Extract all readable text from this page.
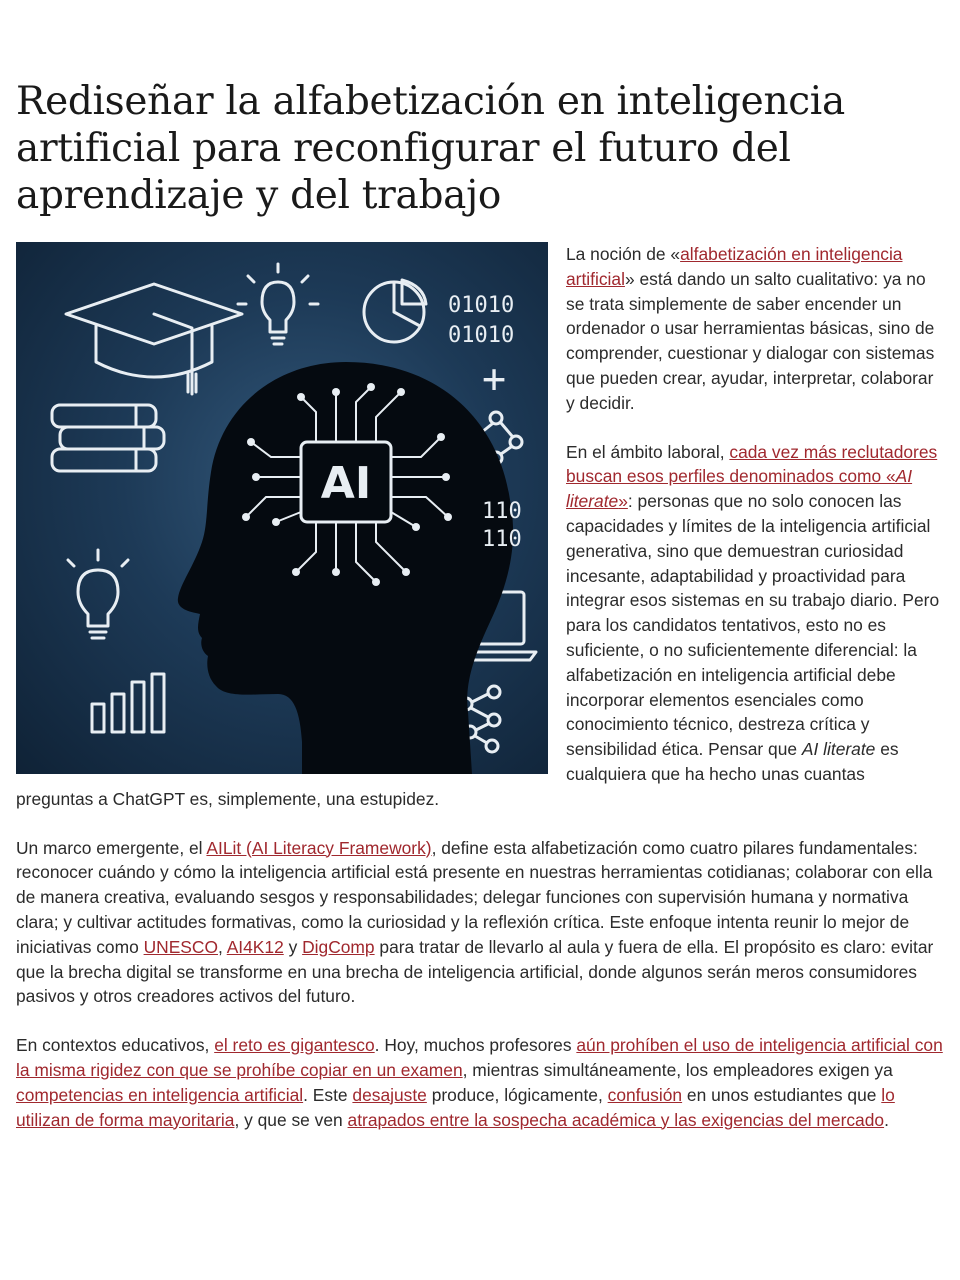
Rediseñar la alfabetización en inteligencia artificial para reconfigurar el futuro del aprendizaje y del trabajo
AI
01010
01010
110
110
+

La noción de «alfabetización en inteligencia artificial» está dando un salto cualitativo: ya no se trata simplemente de saber encender un ordenador o usar herramientas básicas, sino de comprender, cuestionar y dialogar con sistemas que pueden crear, ayudar, interpretar, colaborar y decidir.

En el ámbito laboral, cada vez más reclutadores buscan esos perfiles denominados como «AI literate»: personas que no solo conocen las capacidades y límites de la inteligencia artificial generativa, sino que demuestran curiosidad incesante, adaptabilidad y proactividad para integrar esos sistemas en su trabajo diario. Pero para los candidatos tentativos, esto no es suficiente, o no suficientemente diferencial: la alfabetización en inteligencia artificial debe incorporar elementos esenciales como conocimiento técnico, destreza crítica y sensibilidad ética. Pensar que AI literate es cualquiera que ha hecho unas cuantas preguntas a ChatGPT es, simplemente, una estupidez.

Un marco emergente, el AILit (AI Literacy Framework), define esta alfabetización como cuatro pilares fundamentales: reconocer cuándo y cómo la inteligencia artificial está presente en nuestras herramientas cotidianas; colaborar con ella de manera creativa, evaluando sesgos y responsabilidades; delegar funciones con supervisión humana y normativa clara; y cultivar actitudes formativas, como la curiosidad y la reflexión crítica. Este enfoque intenta reunir lo mejor de iniciativas como UNESCO, AI4K12 y DigComp para tratar de llevarlo al aula y fuera de ella. El propósito es claro: evitar que la brecha digital se transforme en una brecha de inteligencia artificial, donde algunos serán meros consumidores pasivos y otros creadores activos del futuro.

En contextos educativos, el reto es gigantesco. Hoy, muchos profesores aún prohíben el uso de inteligencia artificial con la misma rigidez con que se prohíbe copiar en un examen, mientras simultáneamente, los empleadores exigen ya competencias en inteligencia artificial. Este desajuste produce, lógicamente, confusión en unos estudiantes que lo utilizan de forma mayoritaria, y que se ven atrapados entre la sospecha académica y las exigencias del mercado.
